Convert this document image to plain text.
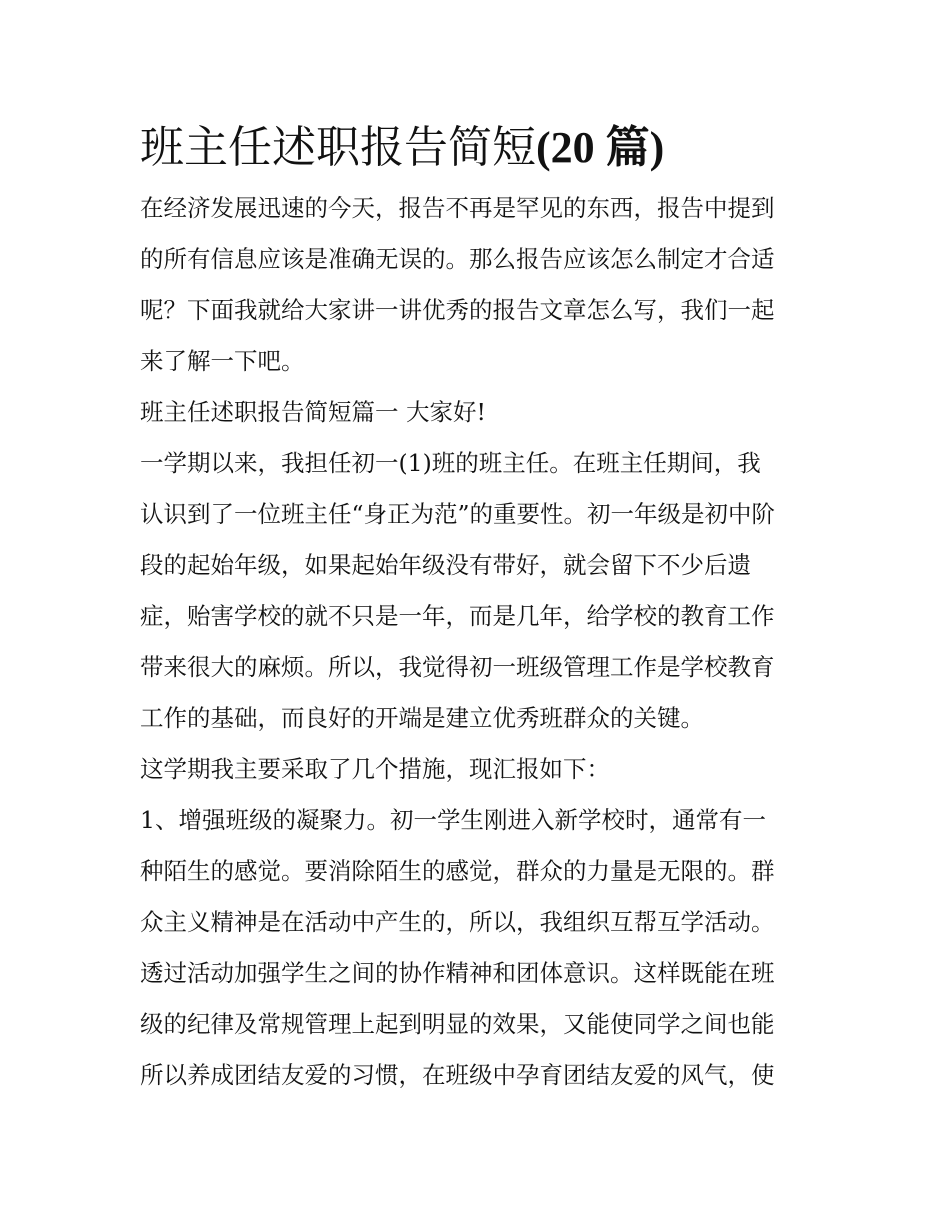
班主任述职报告简短(20 篇)

在经济发展迅速的今天，报告不再是罕见的东西，报告中提到

的所有信息应该是准确无误的。那么报告应该怎么制定才合适

呢？下面我就给大家讲一讲优秀的报告文章怎么写，我们一起

来了解一下吧。

班主任述职报告简短篇一 大家好!

一学期以来，我担任初一(1)班的班主任。在班主任期间，我

认识到了一位班主任“身正为范”的重要性。初一年级是初中阶

段的起始年级，如果起始年级没有带好，就会留下不少后遗

症，贻害学校的就不只是一年，而是几年，给学校的教育工作

带来很大的麻烦。所以，我觉得初一班级管理工作是学校教育

工作的基础，而良好的开端是建立优秀班群众的关键。

这学期我主要采取了几个措施，现汇报如下：

1、增强班级的凝聚力。初一学生刚进入新学校时，通常有一

种陌生的感觉。要消除陌生的感觉，群众的力量是无限的。群

众主义精神是在活动中产生的，所以，我组织互帮互学活动。

透过活动加强学生之间的协作精神和团体意识。这样既能在班

级的纪律及常规管理上起到明显的效果，又能使同学之间也能

所以养成团结友爱的习惯，在班级中孕育团结友爱的风气，使
